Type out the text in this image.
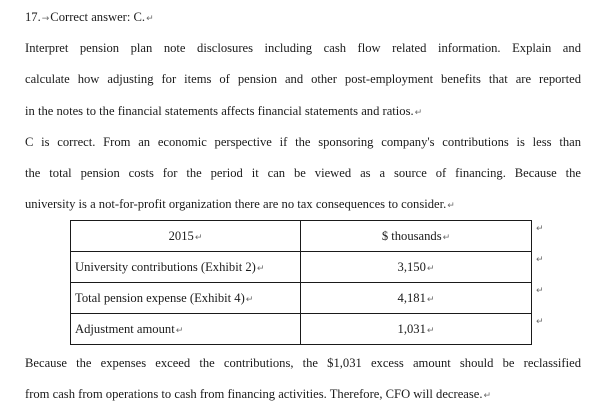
17.→Correct answer: C.↵
Interpret pension plan note disclosures including cash flow related information. Explain and
calculate how adjusting for items of pension and other post-employment benefits that are reported
in the notes to the financial statements affects financial statements and ratios.↵
C is correct. From an economic perspective if the sponsoring company's contributions is less than
the total pension costs for the period it can be viewed as a source of financing. Because the
university is a not-for-profit organization there are no tax consequences to consider.↵
2015↵	$ thousands↵
University contributions (Exhibit 2)↵	3,150↵
Total pension expense (Exhibit 4)↵	4,181↵
Adjustment amount↵	1,031↵
↵
↵
↵
↵
Because the expenses exceed the contributions, the $1,031 excess amount should be reclassified
from cash from operations to cash from financing activities. Therefore, CFO will decrease.↵
